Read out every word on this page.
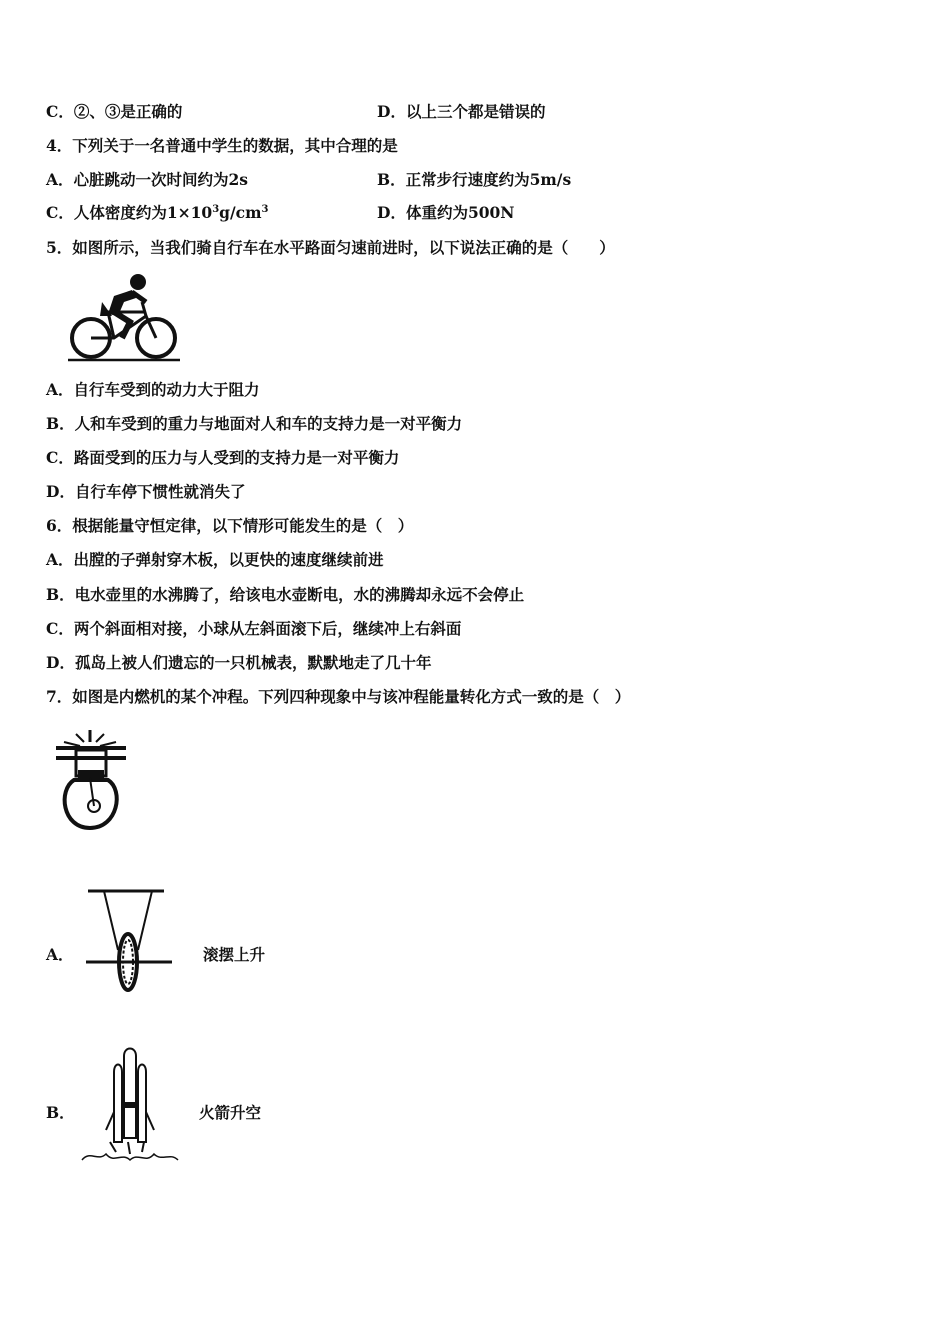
C．②、③是正确的	D．以上三个都是错误的
4．下列关于一名普通中学生的数据，其中合理的是
A．心脏跳动一次时间约为2s	B．正常步行速度约为5m/s
C．人体密度约为$1\times 10^3g/cm^3$	D．体重约为500N
5．如图所示，当我们骑自行车在水平路面匀速前进时，以下说法正确的是（　　）
A．自行车受到的动力大于阻力
B．人和车受到的重力与地面对人和车的支持力是一对平衡力
C．路面受到的压力与人受到的支持力是一对平衡力
D．自行车停下惯性就消失了
6．根据能量守恒定律，以下情形可能发生的是（　）
A．出膛的子弹射穿木板，以更快的速度继续前进
B．电水壶里的水沸腾了，给该电水壶断电，水的沸腾却永远不会停止
C．两个斜面相对接，小球从左斜面滚下后，继续冲上右斜面
D．孤岛上被人们遗忘的一只机械表，默默地走了几十年
7．如图是内燃机的某个冲程。下列四种现象中与该冲程能量转化方式一致的是（　）
A．	滚摆上升
B．	火箭升空
